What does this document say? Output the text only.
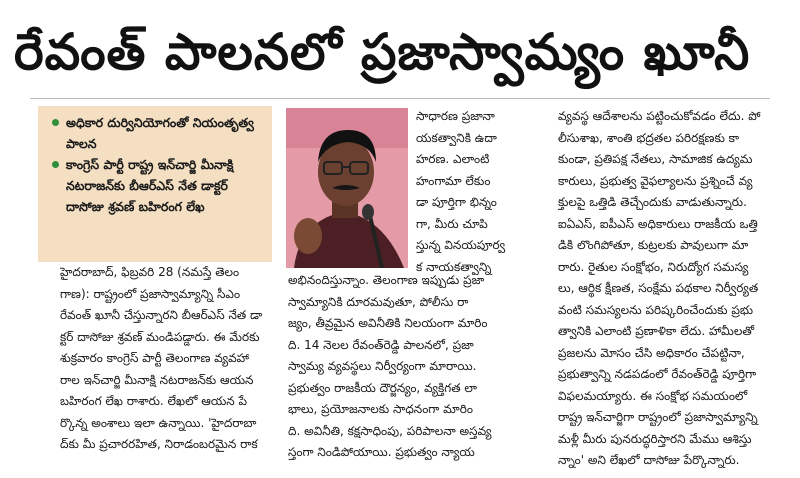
రేవంత్ పాలనలో ప్రజాస్వామ్యం ఖూనీ
అధికార దుర్వినియోగంతో నియంతృత్వ పాలన
కాంగ్రెస్ పార్టీ రాష్ట్ర ఇన్‌చార్జి మీనాక్షి నటరాజన్‌కు బీఆర్ఎస్ నేత డాక్టర్ దాసోజు శ్రవణ్ బహిరంగ లేఖ

హైదరాబాద్, ఫిబ్రవరి 28 (నమస్తే తెలం

గాణ): రాష్ట్రంలో ప్రజాస్వామ్యాన్ని సీఎం

రేవంత్ ఖూనీ చేస్తున్నారని బీఆర్ఎస్ నేత డా

క్టర్ దాసోజు శ్రవణ్ మండిపడ్డారు. ఈ మేరకు

శుక్రవారం కాంగ్రెస్ పార్టీ తెలంగాణ వ్యవహా

రాల ఇన్‌చార్జి మీనాక్షి నటరాజన్‌కు ఆయన

బహిరంగ లేఖ రాశారు. లేఖలో ఆయన పే

ర్కొన్న అంశాలు ఇలా ఉన్నాయి. 'హైదరాబా

ద్‌కు మీ ప్రచారరహిత, నిరాడంబరమైన రాక

సాధారణ ప్రజానా

యకత్వానికి ఉదా

హరణ. ఎలాంటి

హంగామా లేకుం

డా పూర్తిగా భిన్నం

గా, మీరు చూపి

స్తున్న వినయపూర్వ

క నాయకత్వాన్ని

అభినందిస్తున్నాం. తెలంగాణ ఇప్పుడు ప్రజా

స్వామ్యానికి దూరమవుతూ, పోలీసు రా

జ్యం, తీవ్రమైన అవినీతికి నిలయంగా మారిం

ది. 14 నెలల రేవంత్‌రెడ్డి పాలనలో, ప్రజా

స్వామ్య వ్యవస్థలు నిర్వీర్యంగా మారాయి.

ప్రభుత్వం రాజకీయ దౌర్జన్యం, వ్యక్తిగత లా

భాలు, ప్రయోజనాలకు సాధనంగా మారిం

ది. అవినీతి, కక్షసాధింపు, పరిపాలనా అస్తవ్య

స్తంగా నిండిపోయాయి. ప్రభుత్వం న్యాయ

వ్యవస్థ ఆదేశాలను పట్టించుకోవడం లేదు. పో

లీసుశాఖ, శాంతి భద్రతల పరిరక్షణకు కా

కుండా, ప్రతిపక్ష నేతలు, సామాజిక ఉద్యమ

కారులు, ప్రభుత్వ వైఫల్యాలను ప్రశ్నించే వ్య

క్తులపై ఒత్తిడి తెచ్చేందుకు వాడుతున్నారు.

ఐఏఎస్, ఐపీఎస్ అధికారులు రాజకీయ ఒత్తి

డికి లొంగిపోతూ, కుట్రలకు పావులుగా మా

రారు. రైతుల సంక్షోభం, నిరుద్యోగ సమస్య

లు, ఆర్థిక క్షీణత, సంక్షేమ పథకాల నిర్వీర్యత

వంటి సమస్యలను పరిష్కరించేందుకు ప్రభు

త్వానికి ఎలాంటి ప్రణాళికా లేదు. హామీలతో

ప్రజలను మోసం చేసి అధికారం చేపట్టినా,

ప్రభుత్వాన్ని నడపడంలో రేవంత్‌రెడ్డి పూర్తిగా

విఫలమయ్యారు. ఈ సంక్షోభ సమయంలో

రాష్ట్ర ఇన్‌చార్జిగా రాష్ట్రంలో ప్రజాస్వామ్యాన్ని

మళ్లీ మీరు పునరుద్ధరిస్తారని మేము ఆశిస్తు

న్నాం' అని లేఖలో దాసోజు పేర్కొన్నారు.
